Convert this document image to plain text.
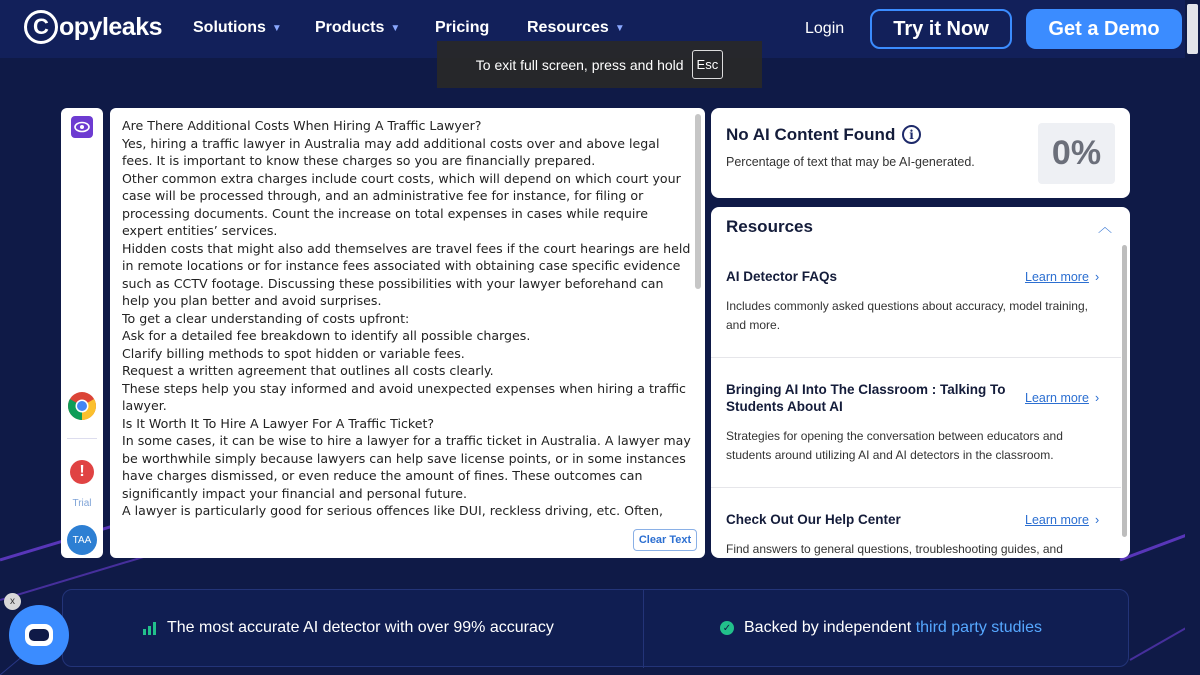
C opyleaks Solutions ▼ Products ▼ Pricing Resources ▼	Login	Try it Now	Get a Demo
To exit full screen, press and hold	Esc
!
Trial
TAA

Are There Additional Costs When Hiring A Traffic Lawyer?

Yes, hiring a traffic lawyer in Australia may add additional costs over and above legal fees. It is important to know these charges so you are financially prepared.

Other common extra charges include court costs, which will depend on which court your case will be processed through, and an administrative fee for instance, for filing or processing documents. Count the increase on total expenses in cases while require expert entities’ services.

Hidden costs that might also add themselves are travel fees if the court hearings are held in remote locations or for instance fees associated with obtaining case specific evidence such as CCTV footage. Discussing these possibilities with your lawyer beforehand can help you plan better and avoid surprises.

To get a clear understanding of costs upfront:

Ask for a detailed fee breakdown to identify all possible charges.

Clarify billing methods to spot hidden or variable fees.

Request a written agreement that outlines all costs clearly.

These steps help you stay informed and avoid unexpected expenses when hiring a traffic lawyer.

Is It Worth It To Hire A Lawyer For A Traffic Ticket?

In some cases, it can be wise to hire a lawyer for a traffic ticket in Australia. A lawyer may be worthwhile simply because lawyers can help save license points, or in some instances have charges dismissed, or even reduce the amount of fines. These outcomes can significantly impact your financial and personal future.

A lawyer is particularly good for serious offences like DUI, reckless driving, etc. Often,

Clear Text
No AI Content Found	i
Percentage of text that may be AI-generated.	0%
Resources	︿
AI Detector FAQs	Learn more ›
Includes commonly asked questions about accuracy, model training, and more.
Bringing AI Into The Classroom : Talking To Students About AI
Learn more ›
Strategies for opening the conversation between educators and students around utilizing AI and AI detectors in the classroom.
Check Out Our Help Center	Learn more ›
Find answers to general questions, troubleshooting guides, and
The most accurate AI detector with over 99% accuracy	✓ Backed by independent third party studies
x
